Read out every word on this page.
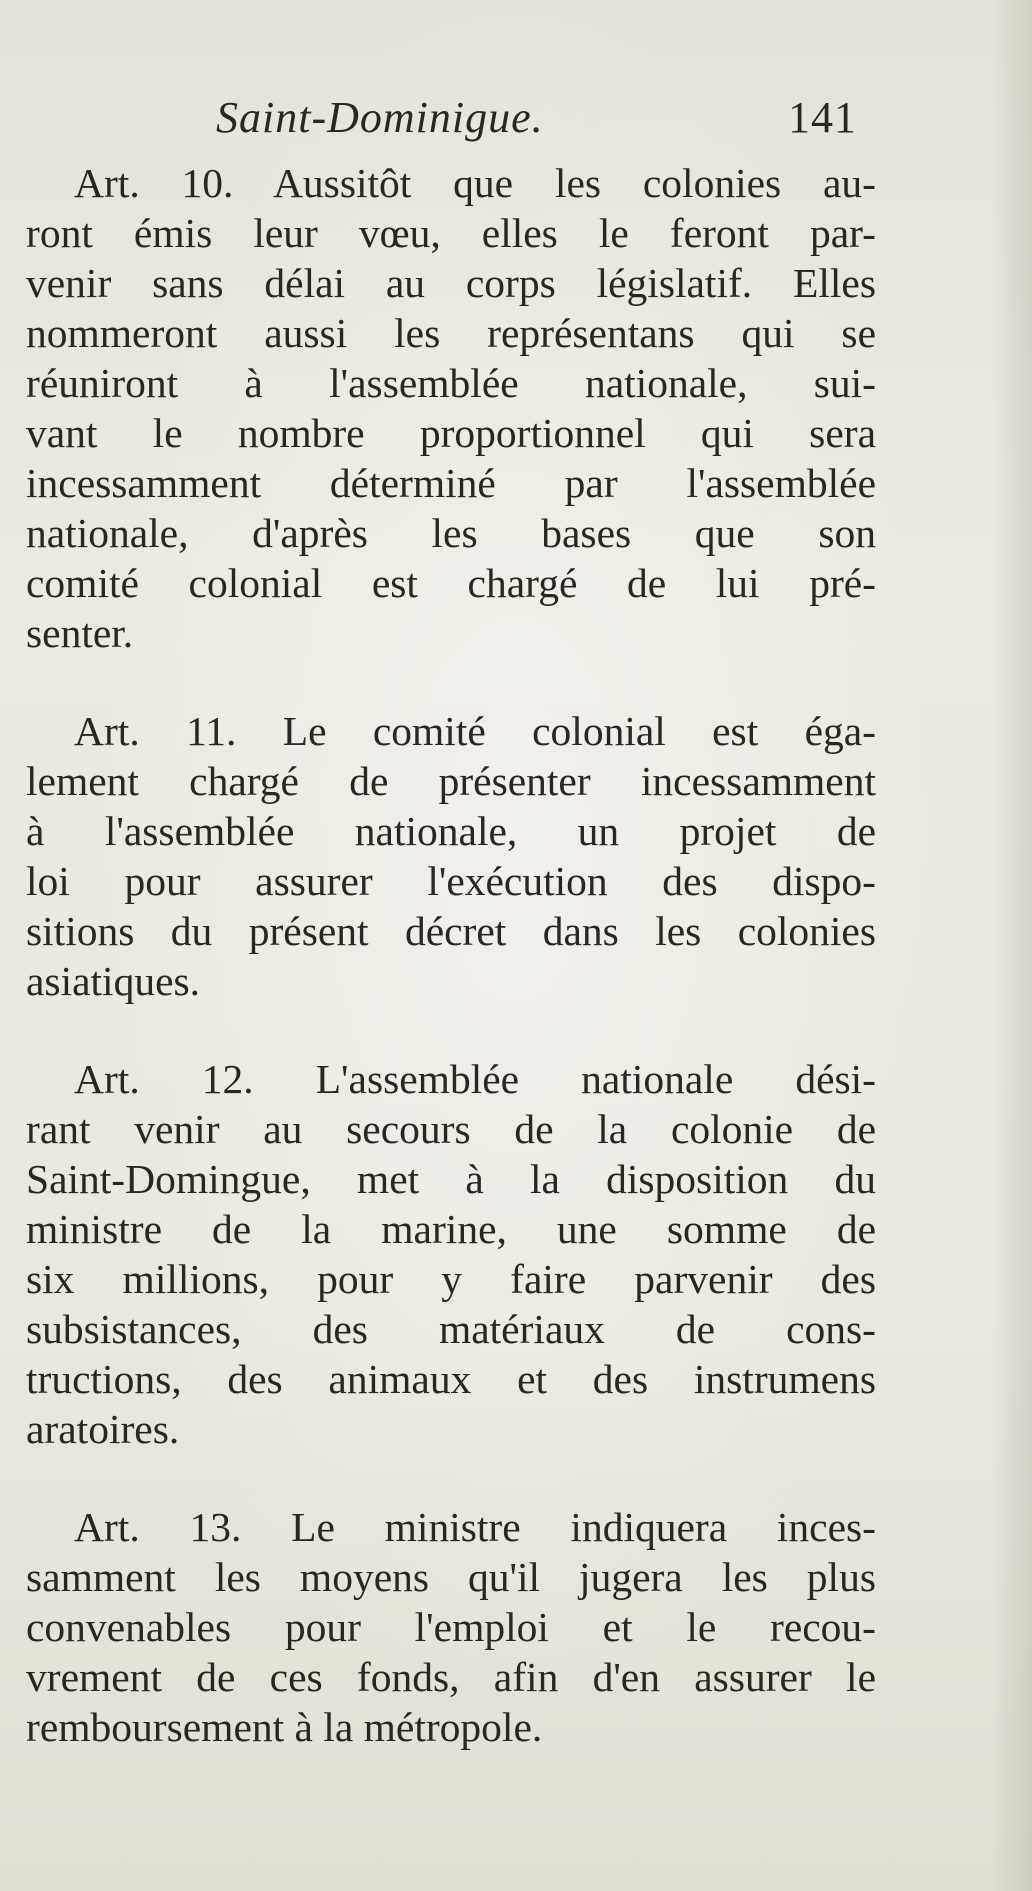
Saint-Dominigue.	141
Art. 10. Aussitôt que les colonies au-
ront émis leur vœu, elles le feront par-
venir sans délai au corps législatif. Elles
nommeront aussi les représentans qui se
réuniront à l'assemblée nationale, sui-
vant le nombre proportionnel qui sera
incessamment déterminé par l'assemblée
nationale, d'après les bases que son
comité colonial est chargé de lui pré-
senter.
Art. 11. Le comité colonial est éga-
lement chargé de présenter incessamment
à l'assemblée nationale, un projet de
loi pour assurer l'exécution des dispo-
sitions du présent décret dans les colonies
asiatiques.
Art. 12. L'assemblée nationale dési-
rant venir au secours de la colonie de
Saint-Domingue, met à la disposition du
ministre de la marine, une somme de
six millions, pour y faire parvenir des
subsistances, des matériaux de cons-
tructions, des animaux et des instrumens
aratoires.
Art. 13. Le ministre indiquera inces-
samment les moyens qu'il jugera les plus
convenables pour l'emploi et le recou-
vrement de ces fonds, afin d'en assurer le
remboursement à la métropole.
